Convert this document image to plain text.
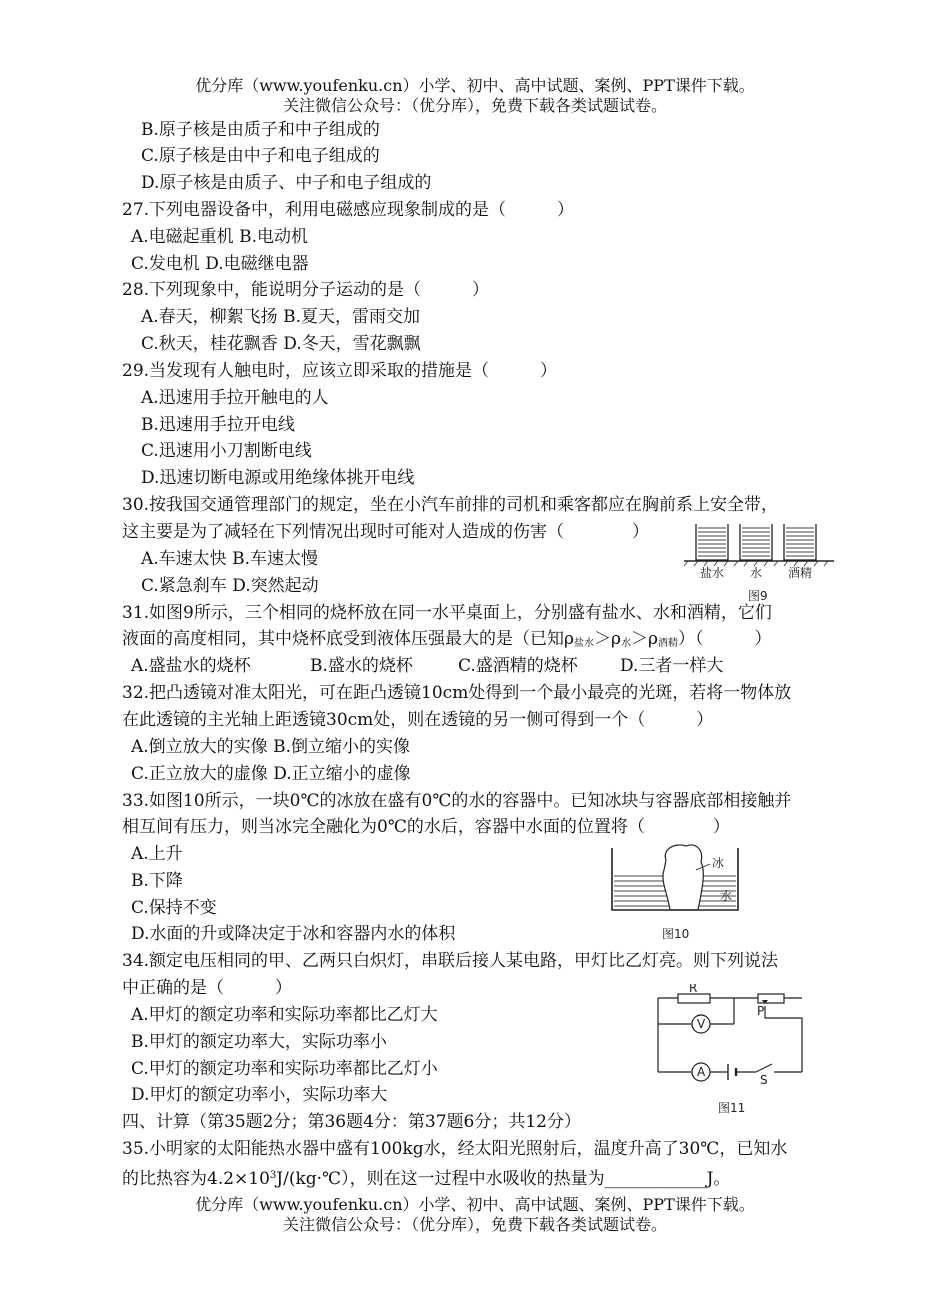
优分库（www.youfenku.cn）小学、初中、高中试题、案例、PPT课件下载。
关注微信公众号：（优分库），免费下载各类试题试卷。
B.原子核是由质子和中子组成的
C.原子核是由中子和电子组成的
D.原子核是由质子、中子和电子组成的
27.下列电器设备中，利用电磁感应现象制成的是（　　　）
A.电磁起重机 B.电动机
C.发电机 D.电磁继电器
28.下列现象中，能说明分子运动的是（　　　）
A.春天，柳絮飞扬 B.夏天，雷雨交加
C.秋天，桂花飘香 D.冬天，雪花飘飘
29.当发现有人触电时，应该立即采取的措施是（　　　）
A.迅速用手拉开触电的人
B.迅速用手拉开电线
C.迅速用小刀割断电线
D.迅速切断电源或用绝缘体挑开电线
30.按我国交通管理部门的规定，坐在小汽车前排的司机和乘客都应在胸前系上安全带，
这主要是为了减轻在下列情况出现时可能对人造成的伤害（　　　　）
A.车速太快 B.车速太慢
C.紧急刹车 D.突然起动
盐水 水 酒精
图9
31.如图9所示，三个相同的烧杯放在同一水平桌面上，分别盛有盐水、水和酒精，它们
液面的高度相同，其中烧杯底受到液体压强最大的是（已知$\rho_{盐水}>\rho_水>\rho_{酒精}$）（　　　）
A.盛盐水的烧杯	B.盛水的烧杯	C.盛酒精的烧杯 D.三者一样大
32.把凸透镜对准太阳光，可在距凸透镜10cm处得到一个最小最亮的光斑，若将一物体放
在此透镜的主光轴上距透镜30cm处，则在透镜的另一侧可得到一个（　　　）
A.倒立放大的实像 B.倒立缩小的实像
C.正立放大的虚像 D.正立缩小的虚像
33.如图10所示，一块0℃的冰放在盛有0℃的水的容器中。已知冰块与容器底部相接触并
相互间有压力，则当冰完全融化为0℃的水后，容器中水面的位置将（　　　　）
A.上升
B.下降
C.保持不变
D.水面的升或降决定于冰和容器内水的体积
冰
水
图10
34.额定电压相同的甲、乙两只白炽灯，串联后接人某电路，甲灯比乙灯亮。则下列说法
中正确的是（　　　）
A.甲灯的额定功率和实际功率都比乙灯大
B.甲灯的额定功率大，实际功率小
C.甲灯的额定功率和实际功率都比乙灯小
D.甲灯的额定功率小，实际功率大
R
P
V
A
S
图11
四、计算（第35题2分；第36题4分：第37题6分；共12分）
35.小明家的太阳能热水器中盛有100kg水，经太阳光照射后，温度升高了30℃，已知水
的比热容为$4.2\times 10^3J/(kg\cdot℃)$，则在这一过程中水吸收的热量为____________J。
优分库（www.youfenku.cn）小学、初中、高中试题、案例、PPT课件下载。
关注微信公众号：（优分库），免费下载各类试题试卷。
